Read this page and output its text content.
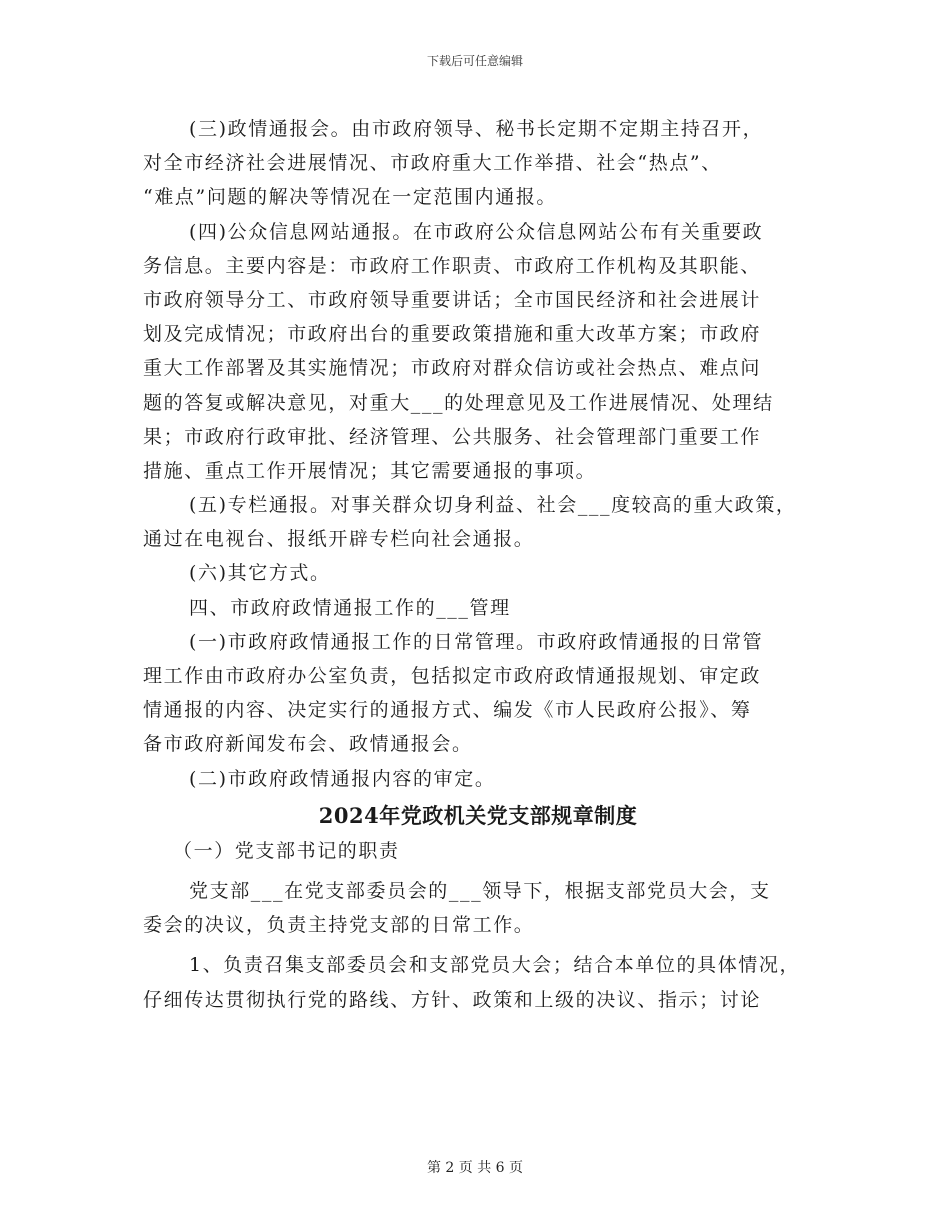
下载后可任意编辑
(三)政情通报会。由市政府领导、秘书长定期不定期主持召开，
对全市经济社会进展情况、市政府重大工作举措、社会“热点”、
“难点”问题的解决等情况在一定范围内通报。
(四)公众信息网站通报。在市政府公众信息网站公布有关重要政
务信息。主要内容是：市政府工作职责、市政府工作机构及其职能、
市政府领导分工、市政府领导重要讲话；全市国民经济和社会进展计
划及完成情况；市政府出台的重要政策措施和重大改革方案；市政府
重大工作部署及其实施情况；市政府对群众信访或社会热点、难点问
题的答复或解决意见，对重大___的处理意见及工作进展情况、处理结
果；市政府行政审批、经济管理、公共服务、社会管理部门重要工作
措施、重点工作开展情况；其它需要通报的事项。
(五)专栏通报。对事关群众切身利益、社会___度较高的重大政策，
通过在电视台、报纸开辟专栏向社会通报。
(六)其它方式。
四、市政府政情通报工作的___管理
(一)市政府政情通报工作的日常管理。市政府政情通报的日常管
理工作由市政府办公室负责，包括拟定市政府政情通报规划、审定政
情通报的内容、决定实行的通报方式、编发《市人民政府公报》、筹
备市政府新闻发布会、政情通报会。
(二)市政府政情通报内容的审定。
2024年党政机关党支部规章制度
（一）党支部书记的职责
党支部___在党支部委员会的___领导下，根据支部党员大会，支
委会的决议，负责主持党支部的日常工作。
1、负责召集支部委员会和支部党员大会；结合本单位的具体情况，
仔细传达贯彻执行党的路线、方针、政策和上级的决议、指示；讨论
第 2 页 共 6 页
